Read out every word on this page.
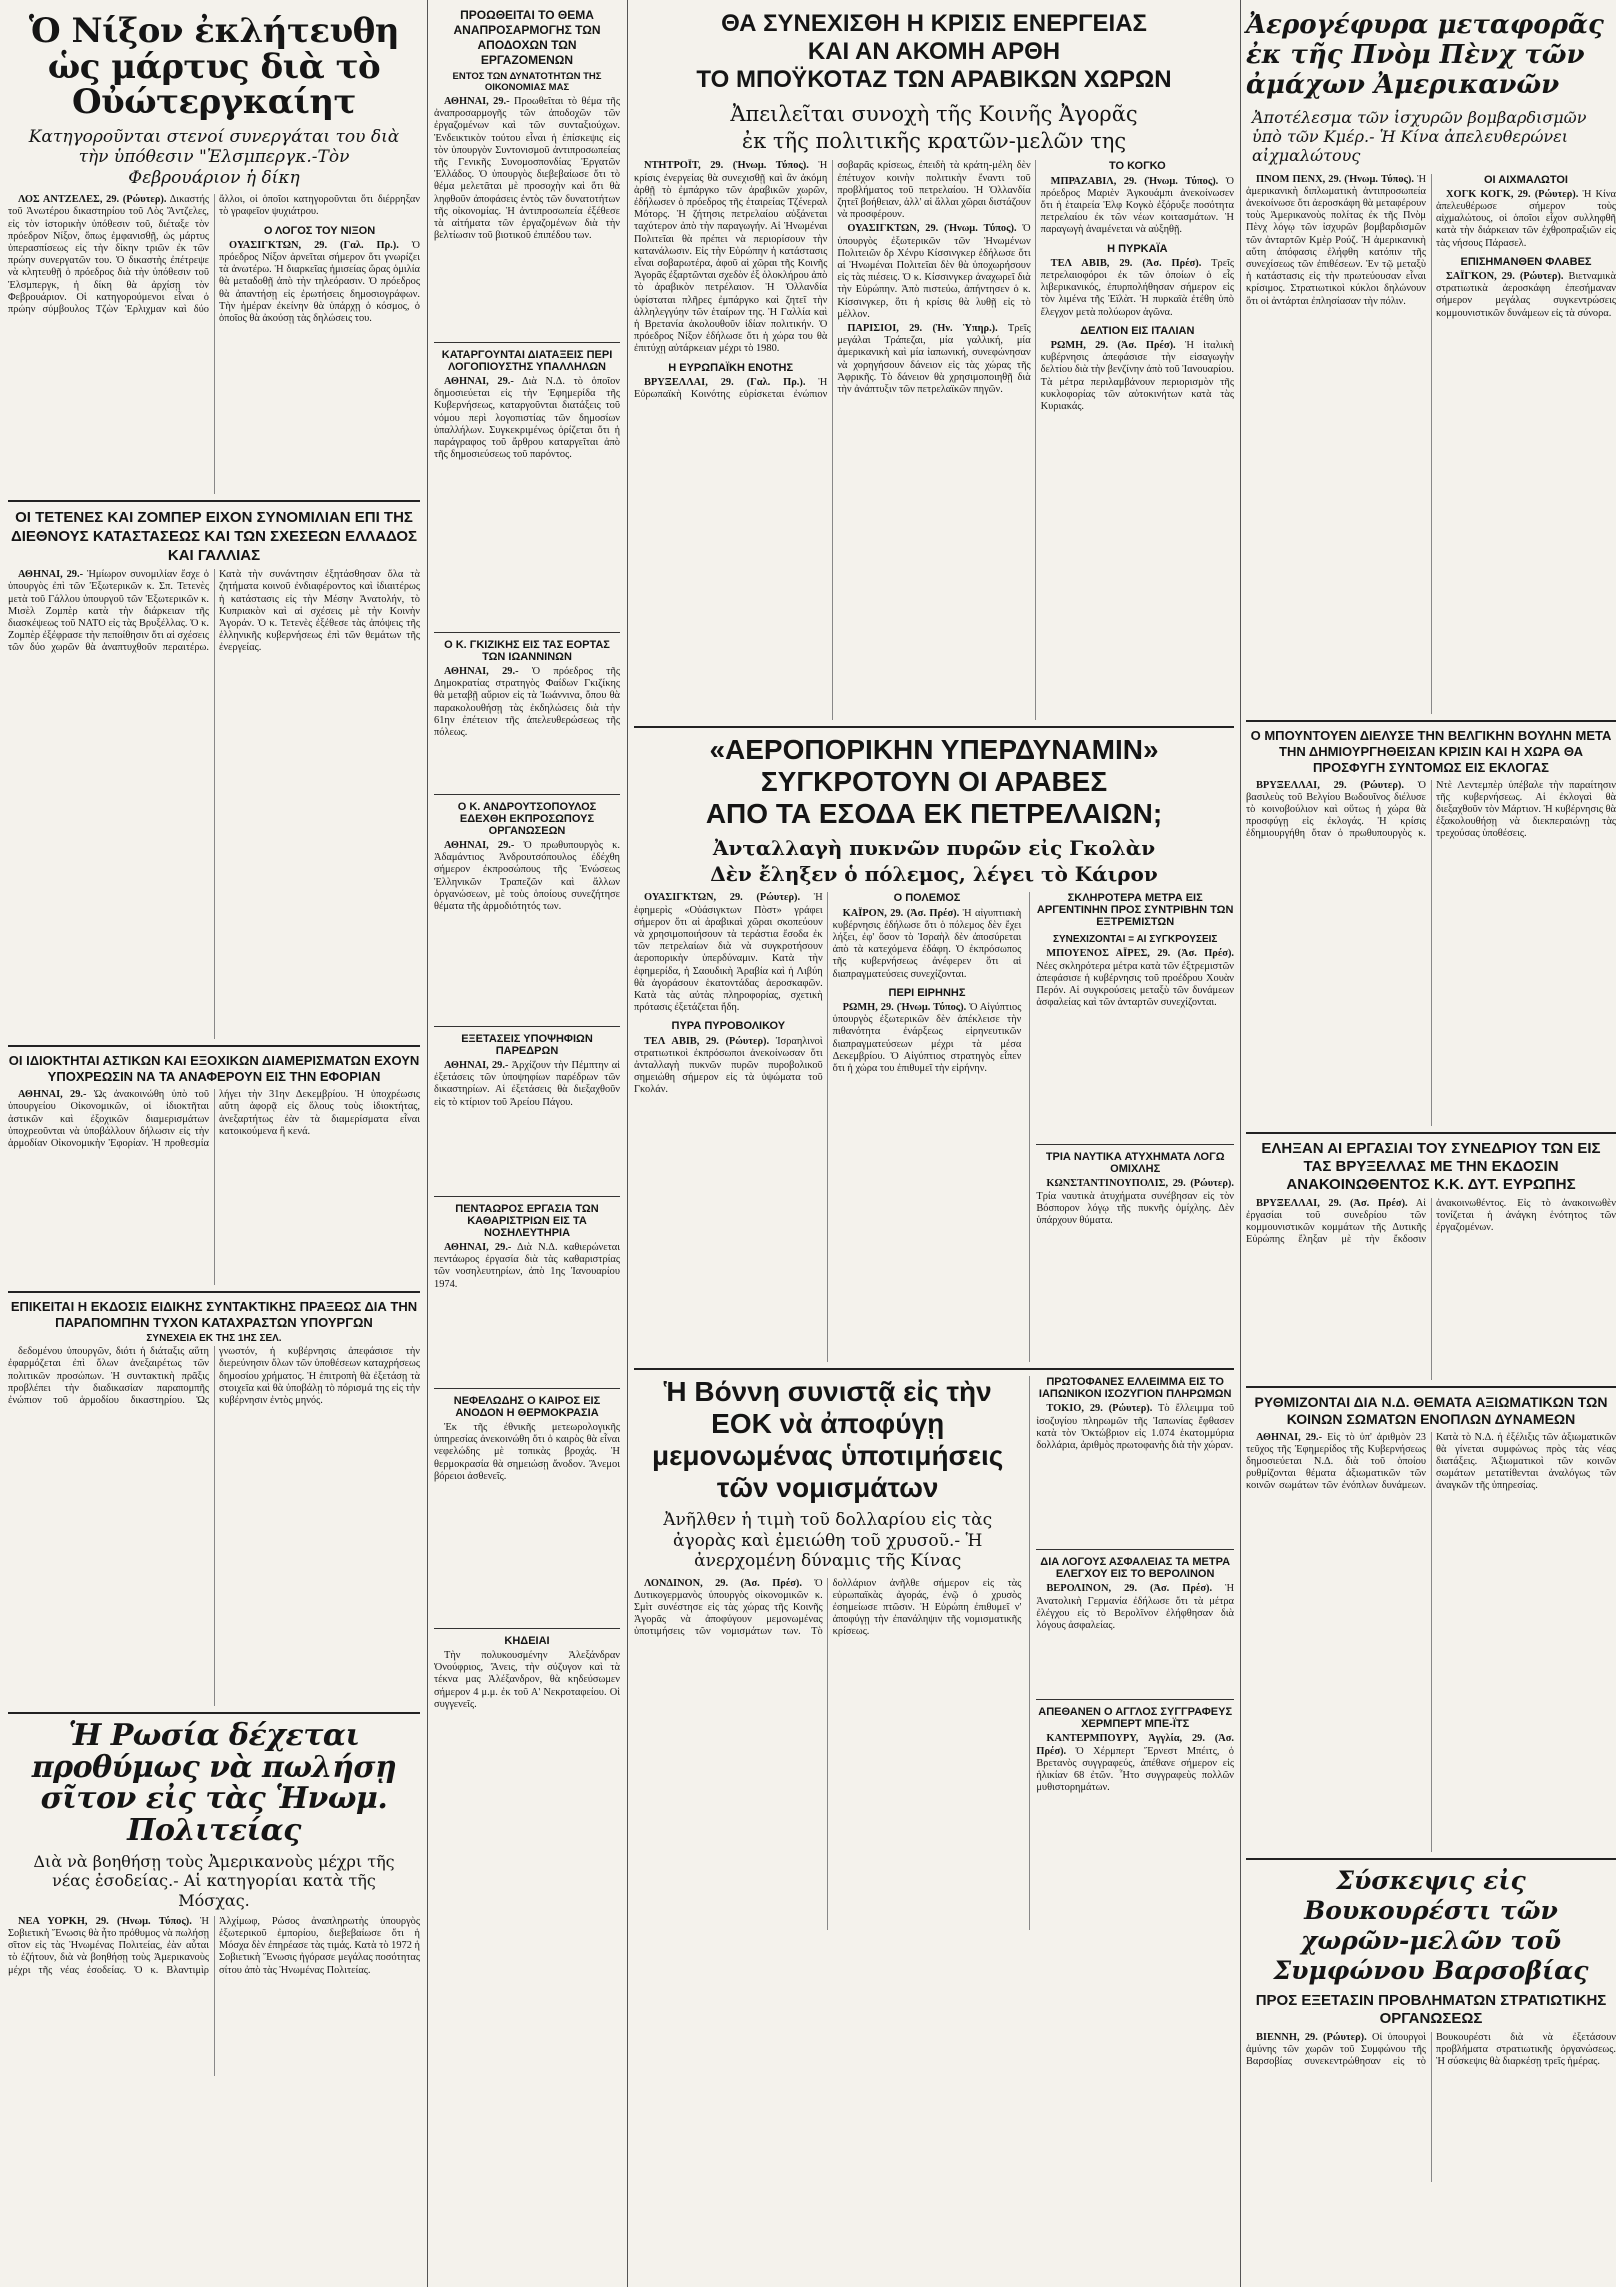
Ὁ Νίξον ἐκλήτευθη ὡς μάρτυς διὰ τὸ Οὐώτεργκαίητ

Κατηγοροῦνται στενοί συνεργάται του διὰ τὴν ὑπόθεσιν "Ἐλσμπεργκ.-Τὸν Φεβρουάριον ἡ δίκη

ΛΟΣ ΑΝΤΖΕΛΕΣ, 29. (Ρώυτερ). Δικαστής τοῦ Ἀνωτέρου δικαστηρίου τοῦ Λὸς Ἄντζελες, εἰς τὸν ἱστορικὴν ὑπόθεσιν τοῦ, διέταξε τὸν πρόεδρον Νίξον, ὅπως ἐμφανισθῇ, ὡς μάρτυς ὑπερασπίσεως εἰς τὴν δίκην τριῶν ἐκ τῶν πρώην συνεργατῶν του. Ὁ δικαστὴς ἐπέτρεψε νὰ κλητευθῇ ὁ πρόεδρος διὰ τὴν ὑπόθεσιν τοῦ Ἐλσμπεργκ, ἡ δίκη θὰ ἀρχίσῃ τὸν Φεβρουάριον. Οἱ κατηγορούμενοι εἶναι ὁ πρώην σύμβουλος Τζὼν Ἐρλιχμαν καὶ δύο ἄλλοι, οἱ ὁποῖοι κατηγοροῦνται ὅτι διέρρηξαν τὸ γραφεῖον ψυχιάτρου.

Ο ΛΟΓΟΣ ΤΟΥ ΝΙΞΟΝ

ΟΥΑΣΙΓΚΤΩΝ, 29. (Γαλ. Πρ.). Ὁ πρόεδρος Νίξον ἀρνεῖται σήμερον ὅτι γνωρίζει τὰ ἀνωτέρω. Ἡ διαρκεῖας ἡμισείας ὥρας ὁμιλία θὰ μεταδοθῇ ἀπὸ τὴν τηλεόρασιν. Ὁ πρόεδρος θὰ ἀπαντήσῃ εἰς ἐρωτήσεις δημοσιογράφων. Τὴν ἡμέραν ἐκείνην θὰ ὑπάρχῃ ὁ κόσμος, ὁ ὁποῖος θὰ ἀκούσῃ τὰς δηλώσεις του.

ΟΙ ΤΕΤΕΝΕΣ ΚΑΙ ΖΟΜΠΕΡ ΕΙΧΟΝ ΣΥΝΟΜΙΛΙΑΝ ΕΠΙ ΤΗΣ ΔΙΕΘΝΟΥΣ ΚΑΤΑΣΤΑΣΕΩΣ ΚΑΙ ΤΩΝ ΣΧΕΣΕΩΝ ΕΛΛΑΔΟΣ ΚΑΙ ΓΑΛΛΙΑΣ

ΑΘΗΝΑΙ, 29.- Ἡμίωρον συνομιλίαν ἔσχε ὁ ὑπουργὸς ἐπὶ τῶν Ἐξωτερικῶν κ. Σπ. Τετενὲς μετὰ τοῦ Γάλλου ὑπουργοῦ τῶν Ἐξωτερικῶν κ. Μισὲλ Ζομπὲρ κατὰ τὴν διάρκειαν τῆς διασκέψεως τοῦ ΝΑΤΟ εἰς τὰς Βρυξέλλας. Ὁ κ. Ζομπὲρ ἐξέφρασε τὴν πεποίθησιν ὅτι αἱ σχέσεις τῶν δύο χωρῶν θὰ ἀναπτυχθοῦν περαιτέρω. Κατὰ τὴν συνάντησιν ἐξητάσθησαν ὅλα τὰ ζητήματα κοινοῦ ἐνδιαφέροντος καὶ ἰδιαιτέρως ἡ κατάστασις εἰς τὴν Μέσην Ἀνατολήν, τὸ Κυπριακὸν καὶ αἱ σχέσεις μὲ τὴν Κοινὴν Ἀγοράν. Ὁ κ. Τετενὲς ἐξέθεσε τὰς ἀπόψεις τῆς ἑλληνικῆς κυβερνήσεως ἐπὶ τῶν θεμάτων τῆς ἐνεργείας.

ΟΙ ΙΔΙΟΚΤΗΤΑΙ ΑΣΤΙΚΩΝ ΚΑΙ ΕΞΟΧΙΚΩΝ ΔΙΑΜΕΡΙΣΜΑΤΩΝ ΕΧΟΥΝ ΥΠΟΧΡΕΩΣΙΝ ΝΑ ΤΑ ΑΝΑΦΕΡΟΥΝ ΕΙΣ ΤΗΝ ΕΦΟΡΙΑΝ

ΑΘΗΝΑΙ, 29.- Ὡς ἀνακοινώθη ὑπὸ τοῦ ὑπουργείου Οἰκονομικῶν, οἱ ἰδιοκτῆται ἀστικῶν καὶ ἐξοχικῶν διαμερισμάτων ὑποχρεοῦνται νὰ ὑποβάλλουν δήλωσιν εἰς τὴν ἁρμοδίαν Οἰκονομικὴν Ἐφορίαν. Ἡ προθεσμία λήγει τὴν 31ην Δεκεμβρίου. Ἡ ὑποχρέωσις αὕτη ἀφορᾷ εἰς ὅλους τοὺς ἰδιοκτήτας, ἀνεξαρτήτως ἐὰν τὰ διαμερίσματα εἶναι κατοικούμενα ἢ κενά.

ΕΠΙΚΕΙΤΑΙ Η ΕΚΔΟΣΙΣ ΕΙΔΙΚΗΣ ΣΥΝΤΑΚΤΙΚΗΣ ΠΡΑΞΕΩΣ ΔΙΑ ΤΗΝ ΠΑΡΑΠΟΜΠΗΝ ΤΥΧΟΝ ΚΑΤΑΧΡΑΣΤΩΝ ΥΠΟΥΡΓΩΝ
ΣΥΝΕΧΕΙΑ ΕΚ ΤΗΣ 1ΗΣ ΣΕΛ.

δεδομένου ὑπουργῶν, διότι ἡ διάταξις αὕτη ἐφαρμόζεται ἐπὶ ὅλων ἀνεξαιρέτως τῶν πολιτικῶν προσώπων. Ἡ συντακτικὴ πρᾶξις προβλέπει τὴν διαδικασίαν παραπομπῆς ἐνώπιον τοῦ ἁρμοδίου δικαστηρίου. Ὡς γνωστόν, ἡ κυβέρνησις ἀπεφάσισε τὴν διερεύνησιν ὅλων τῶν ὑποθέσεων καταχρήσεως δημοσίου χρήματος. Ἡ ἐπιτροπὴ θὰ ἐξετάσῃ τὰ στοιχεῖα καὶ θὰ ὑποβάλῃ τὸ πόρισμά της εἰς τὴν κυβέρνησιν ἐντὸς μηνός.

Ἡ Ρωσία δέχεται προθύμως νὰ πωλήσῃ σῖτον εἰς τὰς Ἡνωμ. Πολιτείας

Διὰ νὰ βοηθήσῃ τοὺς Ἀμερικανοὺς μέχρι τῆς νέας ἐσοδείας.- Αἱ κατηγορίαι κατὰ τῆς Μόσχας.

ΝΕΑ ΥΟΡΚΗ, 29. (Ἡνωμ. Τύπος). Ἡ Σοβιετικὴ Ἕνωσις θὰ ἦτο πρόθυμος νὰ πωλήσῃ σῖτον εἰς τὰς Ἡνωμένας Πολιτείας, ἐὰν αὗται τὸ ἐζήτουν, διὰ νὰ βοηθήσῃ τοὺς Ἀμερικανοὺς μέχρι τῆς νέας ἐσοδείας. Ὁ κ. Βλαντιμὶρ Ἀλχίμωφ, Ρώσος ἀναπληρωτὴς ὑπουργὸς ἐξωτερικοῦ ἐμπορίου, διεβεβαίωσε ὅτι ἡ Μόσχα δὲν ἐπηρέασε τὰς τιμάς. Κατὰ τὸ 1972 ἡ Σοβιετικὴ Ἕνωσις ἠγόρασε μεγάλας ποσότητας σίτου ἀπὸ τὰς Ἡνωμένας Πολιτείας.

ΠΡΟΩΘΕΙΤΑΙ ΤΟ ΘΕΜΑ ΑΝΑΠΡΟΣΑΡΜΟΓΗΣ ΤΩΝ ΑΠΟΔΟΧΩΝ ΤΩΝ ΕΡΓΑΖΟΜΕΝΩΝ
ΕΝΤΟΣ ΤΩΝ ΔΥΝΑΤΟΤΗΤΩΝ ΤΗΣ ΟΙΚΟΝΟΜΙΑΣ ΜΑΣ

ΑΘΗΝΑΙ, 29.- Προωθεῖται τὸ θέμα τῆς ἀναπροσαρμογῆς τῶν ἀποδοχῶν τῶν ἐργαζομένων καὶ τῶν συνταξιούχων. Ἐνδεικτικὸν τούτου εἶναι ἡ ἐπίσκεψις εἰς τὸν ὑπουργὸν Συντονισμοῦ ἀντιπροσωπείας τῆς Γενικῆς Συνομοσπονδίας Ἐργατῶν Ἑλλάδος. Ὁ ὑπουργὸς διεβεβαίωσε ὅτι τὸ θέμα μελετᾶται μὲ προσοχὴν καὶ ὅτι θὰ ληφθοῦν ἀποφάσεις ἐντὸς τῶν δυνατοτήτων τῆς οἰκονομίας. Ἡ ἀντιπροσωπεία ἐξέθεσε τὰ αἰτήματα τῶν ἐργαζομένων διὰ τὴν βελτίωσιν τοῦ βιοτικοῦ ἐπιπέδου των.

ΚΑΤΑΡΓΟΥΝΤΑΙ ΔΙΑΤΑΞΕΙΣ ΠΕΡΙ ΛΟΓΟΠΙΟΥΣΤΗΣ ΥΠΑΛΛΗΛΩΝ

ΑΘΗΝΑΙ, 29.- Διὰ Ν.Δ. τὸ ὁποῖον δημοσιεύεται εἰς τὴν Ἐφημερίδα τῆς Κυβερνήσεως, καταργοῦνται διατάξεις τοῦ νόμου περὶ λογοπιστίας τῶν δημοσίων ὑπαλλήλων. Συγκεκριμένως ὁρίζεται ὅτι ἡ παράγραφος τοῦ ἄρθρου καταργεῖται ἀπὸ τῆς δημοσιεύσεως τοῦ παρόντος.

Ο Κ. ΓΚΙΖΙΚΗΣ ΕΙΣ ΤΑΣ ΕΟΡΤΑΣ ΤΩΝ ΙΩΑΝΝΙΝΩΝ

ΑΘΗΝΑΙ, 29.- Ὁ πρόεδρος τῆς Δημοκρατίας στρατηγὸς Φαίδων Γκιζίκης θὰ μεταβῇ αὔριον εἰς τὰ Ἰωάννινα, ὅπου θὰ παρακολουθήσῃ τὰς ἐκδηλώσεις διὰ τὴν 61ην ἐπέτειον τῆς ἀπελευθερώσεως τῆς πόλεως.

Ο Κ. ΑΝΔΡΟΥΤΣΟΠΟΥΛΟΣ ΕΔΕΧΘΗ ΕΚΠΡΟΣΩΠΟΥΣ ΟΡΓΑΝΩΣΕΩΝ

ΑΘΗΝΑΙ, 29.- Ὁ πρωθυπουργὸς κ. Ἀδαμάντιος Ἀνδρουτσόπουλος ἐδέχθη σήμερον ἐκπροσώπους τῆς Ἑνώσεως Ἑλληνικῶν Τραπεζῶν καὶ ἄλλων ὀργανώσεων, μὲ τοὺς ὁποίους συνεζήτησε θέματα τῆς ἁρμοδιότητός των.

ΕΞΕΤΑΣΕΙΣ ΥΠΟΨΗΦΙΩΝ ΠΑΡΕΔΡΩΝ

ΑΘΗΝΑΙ, 29.- Ἀρχίζουν τὴν Πέμπτην αἱ ἐξετάσεις τῶν ὑποψηφίων παρέδρων τῶν δικαστηρίων. Αἱ ἐξετάσεις θὰ διεξαχθοῦν εἰς τὸ κτίριον τοῦ Ἀρείου Πάγου.

ΠΕΝΤΑΩΡΟΣ ΕΡΓΑΣΙΑ ΤΩΝ ΚΑΘΑΡΙΣΤΡΙΩΝ ΕΙΣ ΤΑ ΝΟΣΗΛΕΥΤΗΡΙΑ

ΑΘΗΝΑΙ, 29.- Διὰ Ν.Δ. καθιερώνεται πεντάωρος ἐργασία διὰ τὰς καθαριστρίας τῶν νοσηλευτηρίων, ἀπὸ 1ης Ἰανουαρίου 1974.

ΝΕΦΕΛΩΔΗΣ Ο ΚΑΙΡΟΣ ΕΙΣ ΑΝΟΔΟΝ Η ΘΕΡΜΟΚΡΑΣΙΑ

Ἐκ τῆς ἐθνικῆς μετεωρολογικῆς ὑπηρεσίας ἀνεκοινώθη ὅτι ὁ καιρὸς θὰ εἶναι νεφελώδης μὲ τοπικὰς βροχάς. Ἡ θερμοκρασία θὰ σημειώσῃ ἄνοδον. Ἄνεμοι βόρειοι ἀσθενεῖς.

ΚΗΔΕΙΑΙ

Τὴν πολυκουσμένην Ἀλεξάνδραν Ὀνούφριος, Ἄνεις, τὴν σύζυγον καὶ τὰ τέκνα μας Ἀλέξανδρον, θὰ κηδεύσωμεν σήμερον 4 μ.μ. ἐκ τοῦ Α' Νεκροταφείου. Οἱ συγγενεῖς.

ΘΑ ΣΥΝΕΧΙΣΘΗ Η ΚΡΙΣΙΣ ΕΝΕΡΓΕΙΑΣ
ΚΑΙ ΑΝ ΑΚΟΜΗ ΑΡΘΗ
ΤΟ ΜΠΟΫΚΟΤΑΖ ΤΩΝ ΑΡΑΒΙΚΩΝ ΧΩΡΩΝ

Ἀπειλεῖται συνοχὴ τῆς Κοινῆς Ἀγορᾶς

ἐκ τῆς πολιτικῆς κρατῶν-μελῶν της

ΝΤΗΤΡΟΪΤ, 29. (Ἡνωμ. Τύπος). Ἡ κρίσις ἐνεργείας θὰ συνεχισθῇ καὶ ἂν ἀκόμη ἀρθῇ τὸ ἐμπάργκο τῶν ἀραβικῶν χωρῶν, ἐδήλωσεν ὁ πρόεδρος τῆς ἐταιρείας Τζένεραλ Μότορς. Ἡ ζήτησις πετρελαίου αὐξάνεται ταχύτερον ἀπὸ τὴν παραγωγήν. Αἱ Ἡνωμέναι Πολιτεῖαι θὰ πρέπει νὰ περιορίσουν τὴν κατανάλωσιν. Εἰς τὴν Εὐρώπην ἡ κατάστασις εἶναι σοβαρωτέρα, ἀφοῦ αἱ χῶραι τῆς Κοινῆς Ἀγορᾶς ἐξαρτῶνται σχεδὸν ἐξ ὁλοκλήρου ἀπὸ τὸ ἀραβικὸν πετρέλαιον. Ἡ Ὀλλανδία ὑφίσταται πλῆρες ἐμπάργκο καὶ ζητεῖ τὴν ἀλληλεγγύην τῶν ἑταίρων της. Ἡ Γαλλία καὶ ἡ Βρετανία ἀκολουθοῦν ἰδίαν πολιτικήν. Ὁ πρόεδρος Νίξον ἐδήλωσε ὅτι ἡ χώρα του θὰ ἐπιτύχῃ αὐτάρκειαν μέχρι τὸ 1980.

Η ΕΥΡΩΠΑΪΚΗ ΕΝΟΤΗΣ

ΒΡΥΞΕΛΛΑΙ, 29. (Γαλ. Πρ.). Ἡ Εὐρωπαϊκὴ Κοινότης εὑρίσκεται ἐνώπιον σοβαρᾶς κρίσεως, ἐπειδὴ τὰ κράτη-μέλη δὲν ἐπέτυχον κοινὴν πολιτικὴν ἔναντι τοῦ προβλήματος τοῦ πετρελαίου. Ἡ Ὀλλανδία ζητεῖ βοήθειαν, ἀλλ' αἱ ἄλλαι χῶραι διστάζουν νὰ προσφέρουν.

ΟΥΑΣΙΓΚΤΩΝ, 29. (Ἡνωμ. Τύπος). Ὁ ὑπουργὸς ἐξωτερικῶν τῶν Ἡνωμένων Πολιτειῶν δρ Χένρυ Κίσσινγκερ ἐδήλωσε ὅτι αἱ Ἡνωμέναι Πολιτεῖαι δὲν θὰ ὑποχωρήσουν εἰς τὰς πιέσεις. Ὁ κ. Κίσσινγκερ ἀναχωρεῖ διὰ τὴν Εὐρώπην. Ἀπὸ πιστεύω, ἀπήντησεν ὁ κ. Κίσσινγκερ, ὅτι ἡ κρίσις θὰ λυθῇ εἰς τὸ μέλλον.

ΠΑΡΙΣΙΟΙ, 29. (Ἡν. Ὑπηρ.). Τρεῖς μεγάλαι Τράπεζαι, μία γαλλική, μία ἀμερικανικὴ καὶ μία ἰαπωνική, συνεφώνησαν νὰ χορηγήσουν δάνειον εἰς τὰς χώρας τῆς Ἀφρικῆς. Τὸ δάνειον θὰ χρησιμοποιηθῇ διὰ τὴν ἀνάπτυξιν τῶν πετρελαϊκῶν πηγῶν.

ΤΟ ΚΟΓΚΟ

ΜΠΡΑΖΑΒΙΛ, 29. (Ἡνωμ. Τύπος). Ὁ πρόεδρος Μαριὲν Ἀγκουάμπι ἀνεκοίνωσεν ὅτι ἡ ἑταιρεία Ἐλφ Κογκὸ ἐξόρυξε ποσότητα πετρελαίου ἐκ τῶν νέων κοιτασμάτων. Ἡ παραγωγὴ ἀναμένεται νὰ αὐξηθῇ.

Η ΠΥΡΚΑΪΑ

ΤΕΛ ΑΒΙΒ, 29. (Ἀσ. Πρέσ). Τρεῖς πετρελαιοφόροι ἐκ τῶν ὁποίων ὁ εἷς λιβερικανικός, ἐπυρπολήθησαν σήμερον εἰς τὸν λιμένα τῆς Ἐϊλὰτ. Ἡ πυρκαϊὰ ἐτέθη ὑπὸ ἔλεγχον μετὰ πολύωρον ἀγῶνα.

ΔΕΛΤΙΟΝ ΕΙΣ ΙΤΑΛΙΑΝ

ΡΩΜΗ, 29. (Ἀσ. Πρέσ). Ἡ ἰταλικὴ κυβέρνησις ἀπεφάσισε τὴν εἰσαγωγὴν δελτίου διὰ τὴν βενζίνην ἀπὸ τοῦ Ἰανουαρίου. Τὰ μέτρα περιλαμβάνουν περιορισμὸν τῆς κυκλοφορίας τῶν αὐτοκινήτων κατὰ τὰς Κυριακάς.

«ΑΕΡΟΠΟΡΙΚΗΝ ΥΠΕΡΔΥΝΑΜΙΝ»
ΣΥΓΚΡΟΤΟΥΝ ΟΙ ΑΡΑΒΕΣ
ΑΠΟ ΤΑ ΕΣΟΔΑ ΕΚ ΠΕΤΡΕΛΑΙΩΝ;

Ἀνταλλαγὴ πυκνῶν πυρῶν εἰς Γκολὰν

Δὲν ἔληξεν ὁ πόλεμος, λέγει τὸ Κάιρον

ΟΥΑΣΙΓΚΤΩΝ, 29. (Ρώυτερ). Ἡ ἐφημερὶς «Οὐάσιγκτων Πὸστ» γράφει σήμερον ὅτι αἱ ἀραβικαὶ χῶραι σκοπεύουν νὰ χρησιμοποιήσουν τὰ τεράστια ἔσοδα ἐκ τῶν πετρελαίων διὰ νὰ συγκροτήσουν ἀεροπορικὴν ὑπερδύναμιν. Κατὰ τὴν ἐφημερίδα, ἡ Σαουδικὴ Ἀραβία καὶ ἡ Λιβύη θὰ ἀγοράσουν ἑκατοντάδας ἀεροσκαφῶν. Κατὰ τὰς αὐτὰς πληροφορίας, σχετικὴ πρότασις ἐξετάζεται ἤδη.

ΠΥΡΑ ΠΥΡΟΒΟΛΙΚΟΥ

ΤΕΛ ΑΒΙΒ, 29. (Ρώυτερ). Ἰσραηλινοὶ στρατιωτικοὶ ἐκπρόσωποι ἀνεκοίνωσαν ὅτι ἀνταλλαγὴ πυκνῶν πυρῶν πυροβολικοῦ σημειώθη σήμερον εἰς τὰ ὑψώματα τοῦ Γκολάν.

Ο ΠΟΛΕΜΟΣ

ΚΑΪΡΟΝ, 29. (Ἀσ. Πρέσ). Ἡ αἰγυπτιακὴ κυβέρνησις ἐδήλωσε ὅτι ὁ πόλεμος δὲν ἔχει λήξει, ἐφ' ὅσον τὸ Ἰσραὴλ δὲν ἀποσύρεται ἀπὸ τὰ κατεχόμενα ἐδάφη. Ὁ ἐκπρόσωπος τῆς κυβερνήσεως ἀνέφερεν ὅτι αἱ διαπραγματεύσεις συνεχίζονται.

ΠΕΡΙ ΕΙΡΗΝΗΣ

ΡΩΜΗ, 29. (Ἡνωμ. Τύπος). Ὁ Αἰγύπτιος ὑπουργὸς ἐξωτερικῶν δὲν ἀπέκλεισε τὴν πιθανότητα ἐνάρξεως εἰρηνευτικῶν διαπραγματεύσεων μέχρι τὰ μέσα Δεκεμβρίου. Ὁ Αἰγύπτιος στρατηγὸς εἶπεν ὅτι ἡ χώρα του ἐπιθυμεῖ τὴν εἰρήνην.

ΣΚΛΗΡΟΤΕΡΑ ΜΕΤΡΑ ΕΙΣ ΑΡΓΕΝΤΙΝΗΝ ΠΡΟΣ ΣΥΝΤΡΙΒΗΝ ΤΩΝ ΕΞΤΡΕΜΙΣΤΩΝ
ΣΥΝΕΧΙΖΟΝΤΑΙ = ΑΙ ΣΥΓΚΡΟΥΣΕΙΣ

ΜΠΟΥΕΝΟΣ ΑΪΡΕΣ, 29. (Ἀσ. Πρέσ). Νέες σκληρότερα μέτρα κατὰ τῶν ἐξτρεμιστῶν ἀπεφάσισε ἡ κυβέρνησις τοῦ προέδρου Χουὰν Περόν. Αἱ συγκρούσεις μεταξὺ τῶν δυνάμεων ἀσφαλείας καὶ τῶν ἀνταρτῶν συνεχίζονται.

ΤΡΙΑ ΝΑΥΤΙΚΑ ΑΤΥΧΗΜΑΤΑ ΛΟΓΩ ΟΜΙΧΛΗΣ

ΚΩΝΣΤΑΝΤΙΝΟΥΠΟΛΙΣ, 29. (Ρώυτερ). Τρία ναυτικὰ ἀτυχήματα συνέβησαν εἰς τὸν Βόσπορον λόγῳ τῆς πυκνῆς ὀμίχλης. Δὲν ὑπάρχουν θύματα.

Ἡ Βόννη συνιστᾷ εἰς τὴν ΕΟΚ νὰ ἀποφύγῃ μεμονωμένας ὑποτιμήσεις τῶν νομισμάτων

Ἀνῆλθεν ἡ τιμὴ τοῦ δολλαρίου εἰς τὰς ἀγορὰς καὶ ἐμειώθη τοῦ χρυσοῦ.- Ἡ ἀνερχομένη δύναμις τῆς Κίνας

ΛΟΝΔΙΝΟΝ, 29. (Ἀσ. Πρέσ). Ὁ Δυτικογερμανὸς ὑπουργὸς οἰκονομικῶν κ. Σμὶτ συνέστησε εἰς τὰς χώρας τῆς Κοινῆς Ἀγορᾶς νὰ ἀποφύγουν μεμονωμένας ὑποτιμήσεις τῶν νομισμάτων των. Τὸ δολλάριον ἀνῆλθε σήμερον εἰς τὰς εὐρωπαϊκὰς ἀγοράς, ἐνῷ ὁ χρυσὸς ἐσημείωσε πτῶσιν. Ἡ Εὐρώπη ἐπιθυμεῖ ν' ἀποφύγῃ τὴν ἐπανάληψιν τῆς νομισματικῆς κρίσεως.

ΠΡΩΤΟΦΑΝΕΣ ΕΛΛΕΙΜΜΑ ΕΙΣ ΤΟ ΙΑΠΩΝΙΚΟΝ ΙΣΟΖΥΓΙΟΝ ΠΛΗΡΩΜΩΝ

ΤΟΚΙΟ, 29. (Ρώυτερ). Τὸ ἔλλειμμα τοῦ ἰσοζυγίου πληρωμῶν τῆς Ἰαπωνίας ἔφθασεν κατὰ τὸν Ὀκτώβριον εἰς 1.074 ἑκατομμύρια δολλάρια, ἀριθμὸς πρωτοφανὴς διὰ τὴν χώραν.

ΔΙΑ ΛΟΓΟΥΣ ΑΣΦΑΛΕΙΑΣ ΤΑ ΜΕΤΡΑ ΕΛΕΓΧΟΥ ΕΙΣ ΤΟ ΒΕΡΟΛΙΝΟΝ

ΒΕΡΟΛΙΝΟΝ, 29. (Ἀσ. Πρέσ). Ἡ Ἀνατολικὴ Γερμανία ἐδήλωσε ὅτι τὰ μέτρα ἐλέγχου εἰς τὸ Βερολῖνον ἐλήφθησαν διὰ λόγους ἀσφαλείας.

ΑΠΕΘΑΝΕΝ Ο ΑΓΓΛΟΣ ΣΥΓΓΡΑΦΕΥΣ ΧΕΡΜΠΕΡΤ ΜΠΕ-ΪΤΣ

ΚΑΝΤΕΡΜΠΟΥΡΥ, Ἀγγλία, 29. (Ἀσ. Πρέσ). Ὁ Χέρμπερτ Ἔρνεστ Μπέιτς, ὁ Βρετανὸς συγγραφεύς, ἀπέθανε σήμερον εἰς ἡλικίαν 68 ἐτῶν. Ἦτο συγγραφεὺς πολλῶν μυθιστορημάτων.

Ἀερογέφυρα μεταφορᾶς ἐκ τῆς Πνὸμ Πὲνχ τῶν ἀμάχων Ἀμερικανῶν

Ἀποτέλεσμα τῶν ἰσχυρῶν βομβαρδισμῶν ὑπὸ τῶν Κμέρ.- Ἡ Κίνα ἀπελευθερώνει αἰχμαλώτους

ΠΝΟΜ ΠΕΝΧ, 29. (Ἡνωμ. Τύπος). Ἡ ἀμερικανικὴ διπλωματικὴ ἀντιπροσωπεία ἀνεκοίνωσε ὅτι ἀεροσκάφη θὰ μεταφέρουν τοὺς Ἀμερικανοὺς πολίτας ἐκ τῆς Πνὸμ Πὲνχ λόγῳ τῶν ἰσχυρῶν βομβαρδισμῶν τῶν ἀνταρτῶν Κμὲρ Ρούζ. Ἡ ἀμερικανικὴ αὕτη ἀπόφασις ἐλήφθη κατόπιν τῆς συνεχίσεως τῶν ἐπιθέσεων. Ἐν τῷ μεταξὺ ἡ κατάστασις εἰς τὴν πρωτεύουσαν εἶναι κρίσιμος. Στρατιωτικοὶ κύκλοι δηλώνουν ὅτι οἱ ἀντάρται ἐπλησίασαν τὴν πόλιν.

ΟΙ ΑΙΧΜΑΛΩΤΟΙ

ΧΟΓΚ ΚΟΓΚ, 29. (Ρώυτερ). Ἡ Κίνα ἀπελευθέρωσε σήμερον τοὺς αἰχμαλώτους, οἱ ὁποῖοι εἶχον συλληφθῆ κατὰ τὴν διάρκειαν τῶν ἐχθροπραξιῶν εἰς τὰς νήσους Πάρασελ.

ΕΠΙΣΗΜΑΝΘΕΝ ΦΛΑΒΕΣ

ΣΑΪΓΚΟΝ, 29. (Ρώυτερ). Βιετναμικὰ στρατιωτικὰ ἀεροσκάφη ἐπεσήμαναν σήμερον μεγάλας συγκεντρώσεις κομμουνιστικῶν δυνάμεων εἰς τὰ σύνορα.

Ο ΜΠΟΥΝΤΟΥΕΝ ΔΙΕΛΥΣΕ ΤΗΝ ΒΕΛΓΙΚΗΝ ΒΟΥΛΗΝ ΜΕΤΑ ΤΗΝ ΔΗΜΙΟΥΡΓΗΘΕΙΣΑΝ ΚΡΙΣΙΝ ΚΑΙ Η ΧΩΡΑ ΘΑ ΠΡΟΣΦΥΓΗ ΣΥΝΤΟΜΩΣ ΕΙΣ ΕΚΛΟΓΑΣ

ΒΡΥΞΕΛΛΑΙ, 29. (Ρώυτερ). Ὁ βασιλεὺς τοῦ Βελγίου Βωδουῖνος διέλυσε τὸ κοινοβούλιον καὶ οὕτως ἡ χώρα θὰ προσφύγῃ εἰς ἐκλογάς. Ἡ κρίσις ἐδημιουργήθη ὅταν ὁ πρωθυπουργὸς κ. Ντὲ Λεντεμπὲρ ὑπέβαλε τὴν παραίτησιν τῆς κυβερνήσεως. Αἱ ἐκλογαὶ θὰ διεξαχθοῦν τὸν Μάρτιον. Ἡ κυβέρνησις θὰ ἐξακολουθήσῃ νὰ διεκπεραιώνῃ τὰς τρεχούσας ὑποθέσεις.

ΕΛΗΞΑΝ ΑΙ ΕΡΓΑΣΙΑΙ ΤΟΥ ΣΥΝΕΔΡΙΟΥ ΤΩΝ ΕΙΣ ΤΑΣ ΒΡΥΞΕΛΛΑΣ ΜΕ ΤΗΝ ΕΚΔΟΣΙΝ ΑΝΑΚΟΙΝΩΘΕΝΤΟΣ Κ.Κ. ΔΥΤ. ΕΥΡΩΠΗΣ

ΒΡΥΞΕΛΛΑΙ, 29. (Ἀσ. Πρέσ). Αἱ ἐργασίαι τοῦ συνεδρίου τῶν κομμουνιστικῶν κομμάτων τῆς Δυτικῆς Εὐρώπης ἔληξαν μὲ τὴν ἔκδοσιν ἀνακοινωθέντος. Εἰς τὸ ἀνακοινωθὲν τονίζεται ἡ ἀνάγκη ἑνότητος τῶν ἐργαζομένων.

ΡΥΘΜΙΖΟΝΤΑΙ ΔΙΑ Ν.Δ. ΘΕΜΑΤΑ ΑΞΙΩΜΑΤΙΚΩΝ ΤΩΝ ΚΟΙΝΩΝ ΣΩΜΑΤΩΝ ΕΝΟΠΛΩΝ ΔΥΝΑΜΕΩΝ

ΑΘΗΝΑΙ, 29.- Εἰς τὸ ὑπ' ἀριθμὸν 23 τεῦχος τῆς Ἐφημερίδος τῆς Κυβερνήσεως δημοσιεύεται Ν.Δ. διὰ τοῦ ὁποίου ρυθμίζονται θέματα ἀξιωματικῶν τῶν κοινῶν σωμάτων τῶν ἐνόπλων δυνάμεων. Κατὰ τὸ Ν.Δ. ἡ ἐξέλιξις τῶν ἀξιωματικῶν θὰ γίνεται συμφώνως πρὸς τὰς νέας διατάξεις. Ἀξιωματικοὶ τῶν κοινῶν σωμάτων μετατίθενται ἀναλόγως τῶν ἀναγκῶν τῆς ὑπηρεσίας.

Σύσκεψις εἰς Βουκουρέστι τῶν χωρῶν-μελῶν τοῦ Συμφώνου Βαρσοβίας
ΠΡΟΣ ΕΞΕΤΑΣΙΝ ΠΡΟΒΛΗΜΑΤΩΝ ΣΤΡΑΤΙΩΤΙΚΗΣ ΟΡΓΑΝΩΣΕΩΣ

ΒΙΕΝΝΗ, 29. (Ρώυτερ). Οἱ ὑπουργοὶ ἀμύνης τῶν χωρῶν τοῦ Συμφώνου τῆς Βαρσοβίας συνεκεντρώθησαν εἰς τὸ Βουκουρέστι διὰ νὰ ἐξετάσουν προβλήματα στρατιωτικῆς ὀργανώσεως. Ἡ σύσκεψις θὰ διαρκέσῃ τρεῖς ἡμέρας.
